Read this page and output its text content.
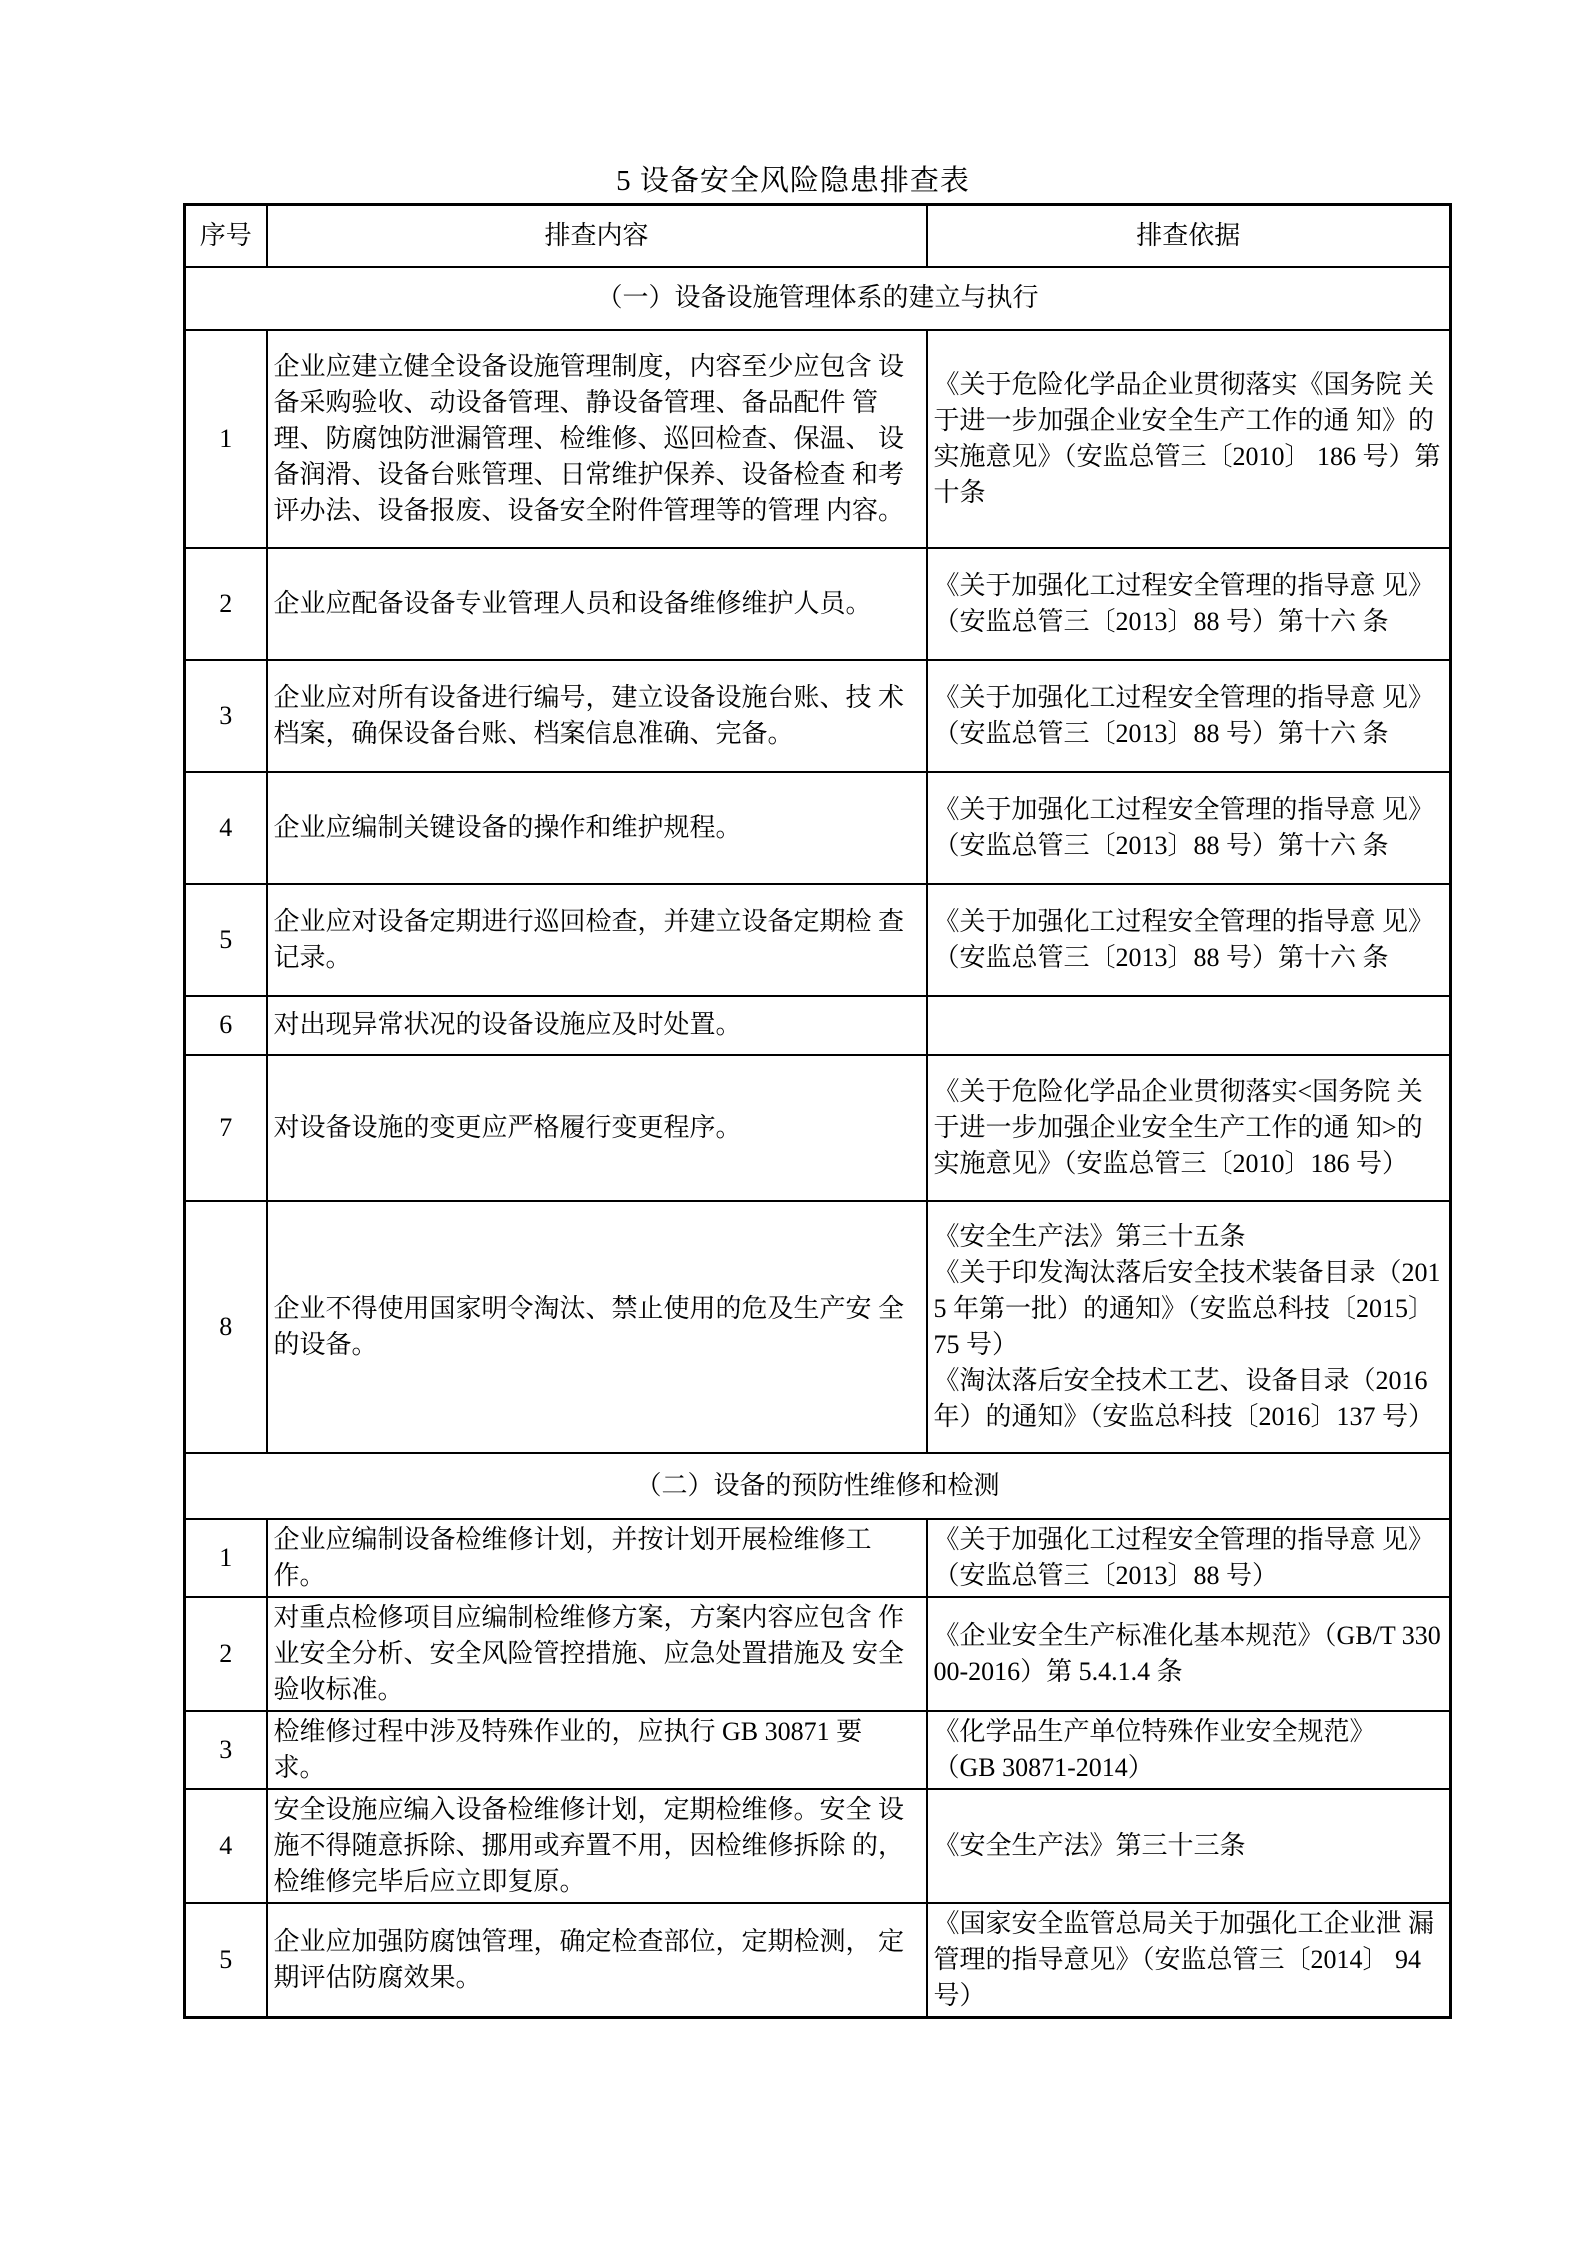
5 设备安全风险隐患排查表
序号	排查内容	排查依据
（一）设备设施管理体系的建立与执行		
1	企业应建立健全设备设施管理制度，内容至少应包含 设备采购验收、动设备管理、静设备管理、备品配件 管理、防腐蚀防泄漏管理、检维修、巡回检查、保温、 设备润滑、设备台账管理、日常维护保养、设备检查 和考评办法、设备报废、设备安全附件管理等的管理 内容。	《关于危险化学品企业贯彻落实《国务院 关于进一步加强企业安全生产工作的通 知》的实施意见》（安监总管三〔2010〕 186 号）第十条
2	企业应配备设备专业管理人员和设备维修维护人员。	《关于加强化工过程安全管理的指导意 见》（安监总管三〔2013〕88 号）第十六 条
3	企业应对所有设备进行编号，建立设备设施台账、技 术档案，确保设备台账、档案信息准确、完备。	《关于加强化工过程安全管理的指导意 见》（安监总管三〔2013〕88 号）第十六 条
4	企业应编制关键设备的操作和维护规程。	《关于加强化工过程安全管理的指导意 见》（安监总管三〔2013〕88 号）第十六 条
5	企业应对设备定期进行巡回检查，并建立设备定期检 查记录。	《关于加强化工过程安全管理的指导意 见》（安监总管三〔2013〕88 号）第十六 条
6	对出现异常状况的设备设施应及时处置。	
7	对设备设施的变更应严格履行变更程序。	《关于危险化学品企业贯彻落实<国务院 关于进一步加强企业安全生产工作的通 知>的实施意见》（安监总管三〔2010〕186 号）
8	企业不得使用国家明令淘汰、禁止使用的危及生产安 全的设备。	《安全生产法》第三十五条
《关于印发淘汰落后安全技术装备目录（2015 年第一批）的通知》（安监总科技〔2015〕75 号）
《淘汰落后安全技术工艺、设备目录（2016 年）的通知》（安监总科技〔2016〕137 号）
（二）设备的预防性维修和检测		
1	企业应编制设备检维修计划，并按计划开展检维修工 作。	《关于加强化工过程安全管理的指导意 见》（安监总管三〔2013〕88 号）
2	对重点检修项目应编制检维修方案，方案内容应包含 作业安全分析、安全风险管控措施、应急处置措施及 安全验收标准。	《企业安全生产标准化基本规范》（GB/T 33000-2016）第 5.4.1.4 条
3	检维修过程中涉及特殊作业的，应执行 GB 30871 要 求。	《化学品生产单位特殊作业安全规范》
（GB 30871-2014）
4	安全设施应编入设备检维修计划，定期检维修。安全 设施不得随意拆除、挪用或弃置不用，因检维修拆除 的，检维修完毕后应立即复原。	《安全生产法》第三十三条
5	企业应加强防腐蚀管理，确定检查部位，定期检测， 定期评估防腐效果。	《国家安全监管总局关于加强化工企业泄 漏管理的指导意见》（安监总管三〔2014〕 94 号）
